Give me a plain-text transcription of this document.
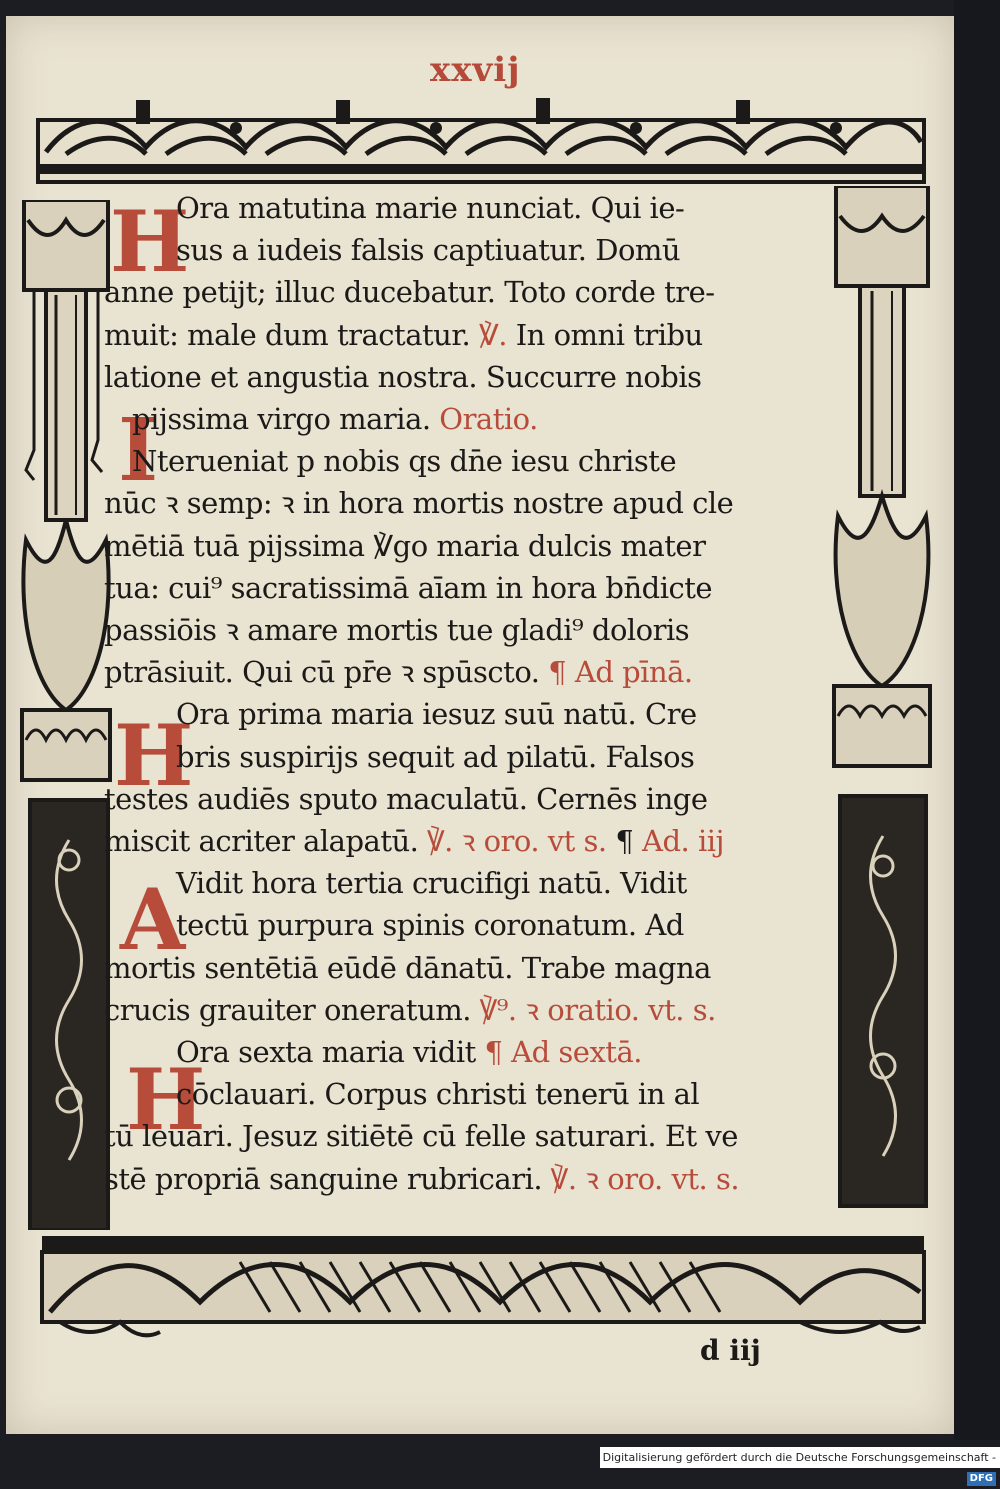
xxvij
H
I
H
A
H
Ora matutina marie nunciat. Qui ie-
sus a iudeis falsis captiuatur. Domū
anne petijt; illuc ducebatur. Toto corde tre-
muit: male dum tractatur. ℣. In omni tribu
latione et angustia nostra. Succurre nobis
pijssima virgo maria. Oratio.
Nterueniat p nobis qs dn̄e iesu christe
nūc ꝛ semp: ꝛ in hora mortis nostre apud cle
mētiā tuā pijssima ℣go maria dulcis mater
tua: cui⁹ sacratissimā aīam in hora bn̄dicte
passiōis ꝛ amare mortis tue gladi⁹ doloris
ptrāsiuit. Qui cū pr̄e ꝛ spūscto. ¶ Ad pīnā.
Ora prima maria iesuz suū natū. Cre
bris suspirijs sequit ad pilatū. Falsos
testes audiēs sputo maculatū. Cernēs inge
miscit acriter alapatū. ℣. ꝛ oro. vt s. ¶ Ad. iij
Vidit hora tertia crucifigi natū. Vidit
tectū purpura spinis coronatum. Ad
mortis sentētiā eūdē dānatū. Trabe magna
crucis grauiter oneratum. ℣⁹. ꝛ oratio. vt. s.
Ora sexta maria vidit ¶ Ad sextā.
cōclauari. Corpus christi tenerū in al
tū leuari. Jesuz sitiētē cū felle saturari. Et ve
stē propriā sanguine rubricari. ℣. ꝛ oro. vt. s.
d iij
Digitalisierung gefördert durch die Deutsche Forschungsgemeinschaft -DFG
